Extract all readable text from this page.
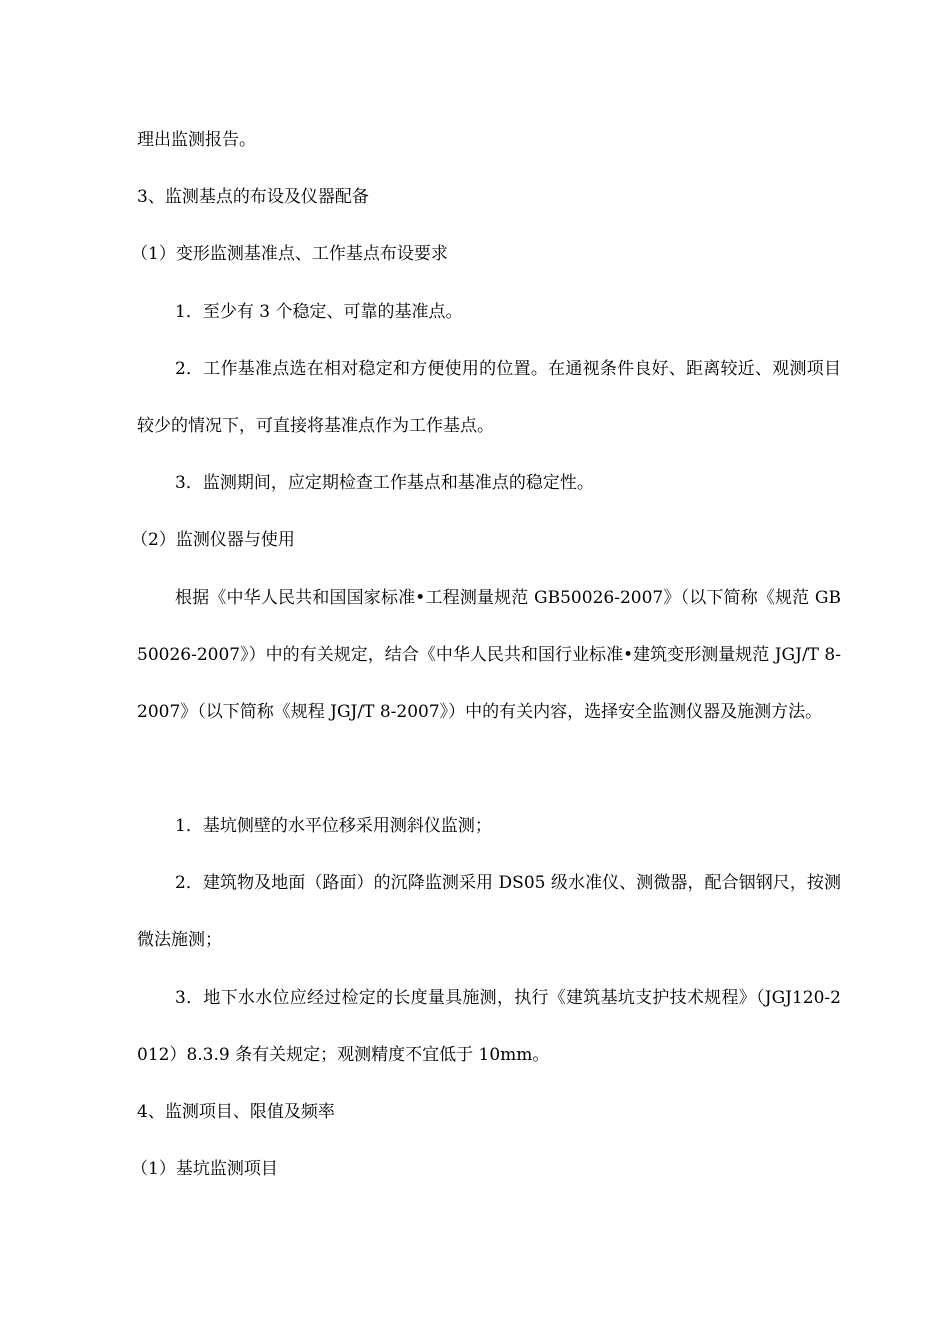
理出监测报告。
3、监测基点的布设及仪器配备
（1）变形监测基准点、工作基点布设要求
1．至少有 3 个稳定、可靠的基准点。
2．工作基准点选在相对稳定和方便使用的位置。在通视条件良好、距离较近、观测项目较少的情况下，可直接将基准点作为工作基点。
3．监测期间，应定期检查工作基点和基准点的稳定性。
（2）监测仪器与使用
根据《中华人民共和国国家标准•工程测量规范 GB50026-2007》（以下简称《规范 GB50026-2007》）中的有关规定，结合《中华人民共和国行业标准•建筑变形测量规范 JGJ/T 8-2007》（以下简称《规程 JGJ/T 8-2007》）中的有关内容，选择安全监测仪器及施测方法。
1．基坑侧壁的水平位移采用测斜仪监测；
2．建筑物及地面（路面）的沉降监测采用 DS05 级水准仪、测微器，配合铟钢尺，按测微法施测；
3．地下水水位应经过检定的长度量具施测，执行《建筑基坑支护技术规程》（JGJ120-2012）8.3.9 条有关规定；观测精度不宜低于 10mm。
4、监测项目、限值及频率
（1）基坑监测项目
